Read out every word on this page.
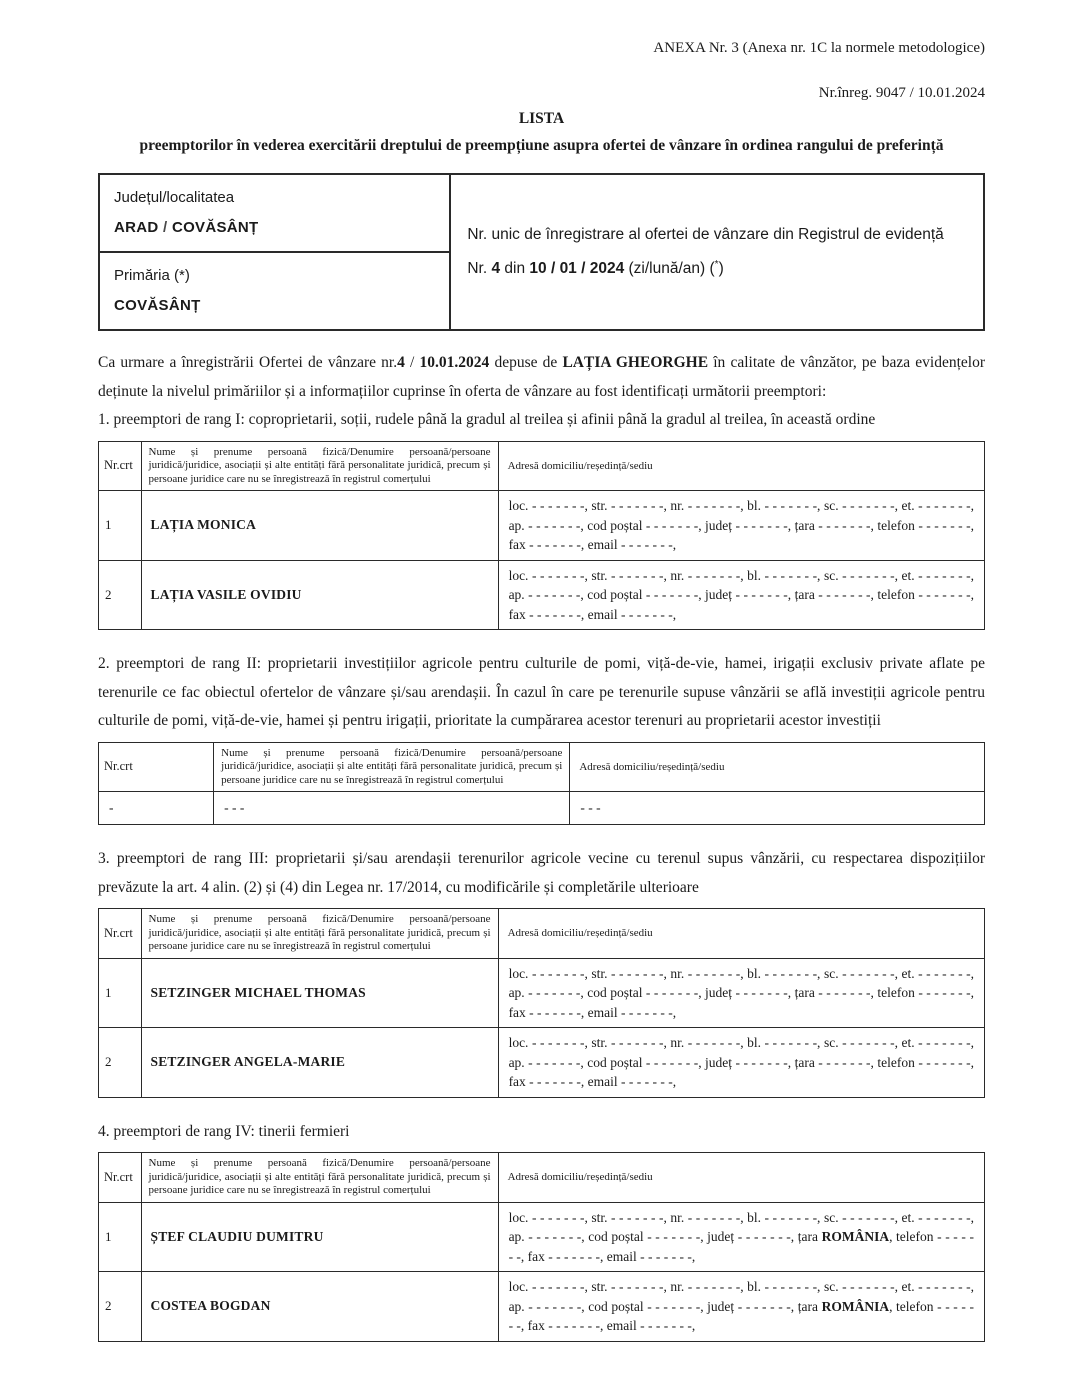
ANEXA Nr. 3 (Anexa nr. 1C la normele metodologice)
Nr.înreg. 9047 / 10.01.2024
LISTA
preemptorilor în vederea exercitării dreptului de preempțiune asupra ofertei de vânzare în ordinea rangului de preferință
Județul/localitatea
ARAD / COVĂSÂNȚ	Nr. unic de înregistrare al ofertei de vânzare din Registrul de evidență
Nr. 4 din 10 / 01 / 2024 (zi/lună/an) (*)

Primăria (*)
COVĂSÂNȚ

Ca urmare a înregistrării Ofertei de vânzare nr.4 / 10.01.2024 depuse de LAȚIA GHEORGHE în calitate de vânzător, pe baza evidențelor deținute la nivelul primăriilor și a informațiilor cuprinse în oferta de vânzare au fost identificați următorii preemptori:

1. preemptori de rang I: coproprietarii, soții, rudele până la gradul al treilea și afinii până la gradul al treilea, în această ordine

Nr.crt	Nume și prenume persoană fizică/Denumire persoană/persoane juridică/juridice, asociații și alte entități fără personalitate juridică, precum și persoane juridice care nu se înregistrează în registrul comerțului	Adresă domiciliu/reședință/sediu
1	LAȚIA MONICA	loc. - - - - - - -, str. - - - - - - -, nr. - - - - - - -, bl. - - - - - - -, sc. - - - - - - -, et. - - - - - - -, ap. - - - - - - -, cod poștal - - - - - - -, județ - - - - - - -, țara - - - - - - -, telefon - - - - - - -, fax - - - - - - -, email - - - - - - -,
2	LAȚIA VASILE OVIDIU	loc. - - - - - - -, str. - - - - - - -, nr. - - - - - - -, bl. - - - - - - -, sc. - - - - - - -, et. - - - - - - -, ap. - - - - - - -, cod poștal - - - - - - -, județ - - - - - - -, țara - - - - - - -, telefon - - - - - - -, fax - - - - - - -, email - - - - - - -,

2. preemptori de rang II: proprietarii investițiilor agricole pentru culturile de pomi, viță-de-vie, hamei, irigații exclusiv private aflate pe terenurile ce fac obiectul ofertelor de vânzare și/sau arendașii. În cazul în care pe terenurile supuse vânzării se află investiții agricole pentru culturile de pomi, viță-de-vie, hamei și pentru irigații, prioritate la cumpărarea acestor terenuri au proprietarii acestor investiții

Nr.crt	Nume și prenume persoană fizică/Denumire persoană/persoane juridică/juridice, asociații și alte entități fără personalitate juridică, precum și persoane juridice care nu se înregistrează în registrul comerțului	Adresă domiciliu/reședință/sediu
-	- - -	- - -

3. preemptori de rang III: proprietarii și/sau arendașii terenurilor agricole vecine cu terenul supus vânzării, cu respectarea dispozițiilor prevăzute la art. 4 alin. (2) și (4) din Legea nr. 17/2014, cu modificările și completările ulterioare

Nr.crt	Nume și prenume persoană fizică/Denumire persoană/persoane juridică/juridice, asociații și alte entități fără personalitate juridică, precum și persoane juridice care nu se înregistrează în registrul comerțului	Adresă domiciliu/reședință/sediu
1	SETZINGER MICHAEL THOMAS	loc. - - - - - - -, str. - - - - - - -, nr. - - - - - - -, bl. - - - - - - -, sc. - - - - - - -, et. - - - - - - -, ap. - - - - - - -, cod poștal - - - - - - -, județ - - - - - - -, țara - - - - - - -, telefon - - - - - - -, fax - - - - - - -, email - - - - - - -,
2	SETZINGER ANGELA-MARIE	loc. - - - - - - -, str. - - - - - - -, nr. - - - - - - -, bl. - - - - - - -, sc. - - - - - - -, et. - - - - - - -, ap. - - - - - - -, cod poștal - - - - - - -, județ - - - - - - -, țara - - - - - - -, telefon - - - - - - -, fax - - - - - - -, email - - - - - - -,

4. preemptori de rang IV: tinerii fermieri

Nr.crt	Nume și prenume persoană fizică/Denumire persoană/persoane juridică/juridice, asociații și alte entități fără personalitate juridică, precum și persoane juridice care nu se înregistrează în registrul comerțului	Adresă domiciliu/reședință/sediu
1	ȘTEF CLAUDIU DUMITRU	loc. - - - - - - -, str. - - - - - - -, nr. - - - - - - -, bl. - - - - - - -, sc. - - - - - - -, et. - - - - - - -, ap. - - - - - - -, cod poștal - - - - - - -, județ - - - - - - -, țara ROMÂNIA, telefon - - - - - - -, fax - - - - - - -, email - - - - - - -,
2	COSTEA BOGDAN	loc. - - - - - - -, str. - - - - - - -, nr. - - - - - - -, bl. - - - - - - -, sc. - - - - - - -, et. - - - - - - -, ap. - - - - - - -, cod poștal - - - - - - -, județ - - - - - - -, țara ROMÂNIA, telefon - - - - - - -, fax - - - - - - -, email - - - - - - -,
